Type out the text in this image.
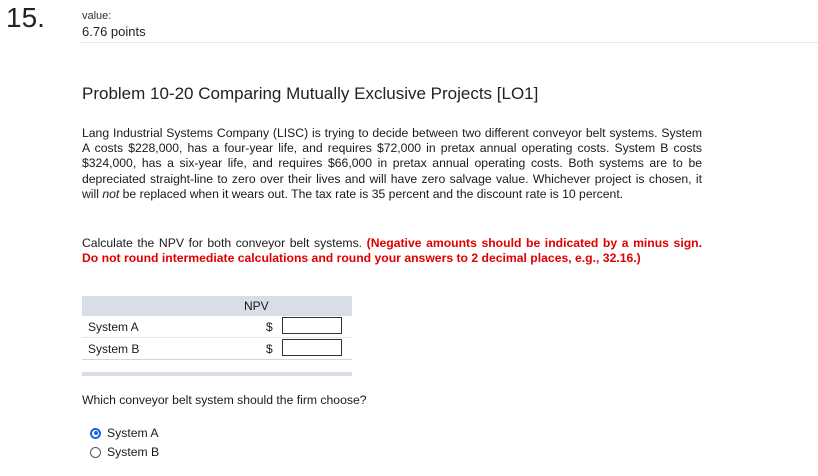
15.	value:
6.76 points
Problem 10-20 Comparing Mutually Exclusive Projects [LO1]
Lang Industrial Systems Company (LISC) is trying to decide between two different conveyor belt systems. System A costs $228,000, has a four-year life, and requires $72,000 in pretax annual operating costs. System B costs $324,000, has a six-year life, and requires $66,000 in pretax annual operating costs. Both systems are to be depreciated straight-line to zero over their lives and will have zero salvage value. Whichever project is chosen, it will not be replaced when it wears out. The tax rate is 35 percent and the discount rate is 10 percent.
Calculate the NPV for both conveyor belt systems. (Negative amounts should be indicated by a minus sign. Do not round intermediate calculations and round your answers to 2 decimal places, e.g., 32.16.)
NPV
System A	$
System B	$
Which conveyor belt system should the firm choose?
System A
System B
